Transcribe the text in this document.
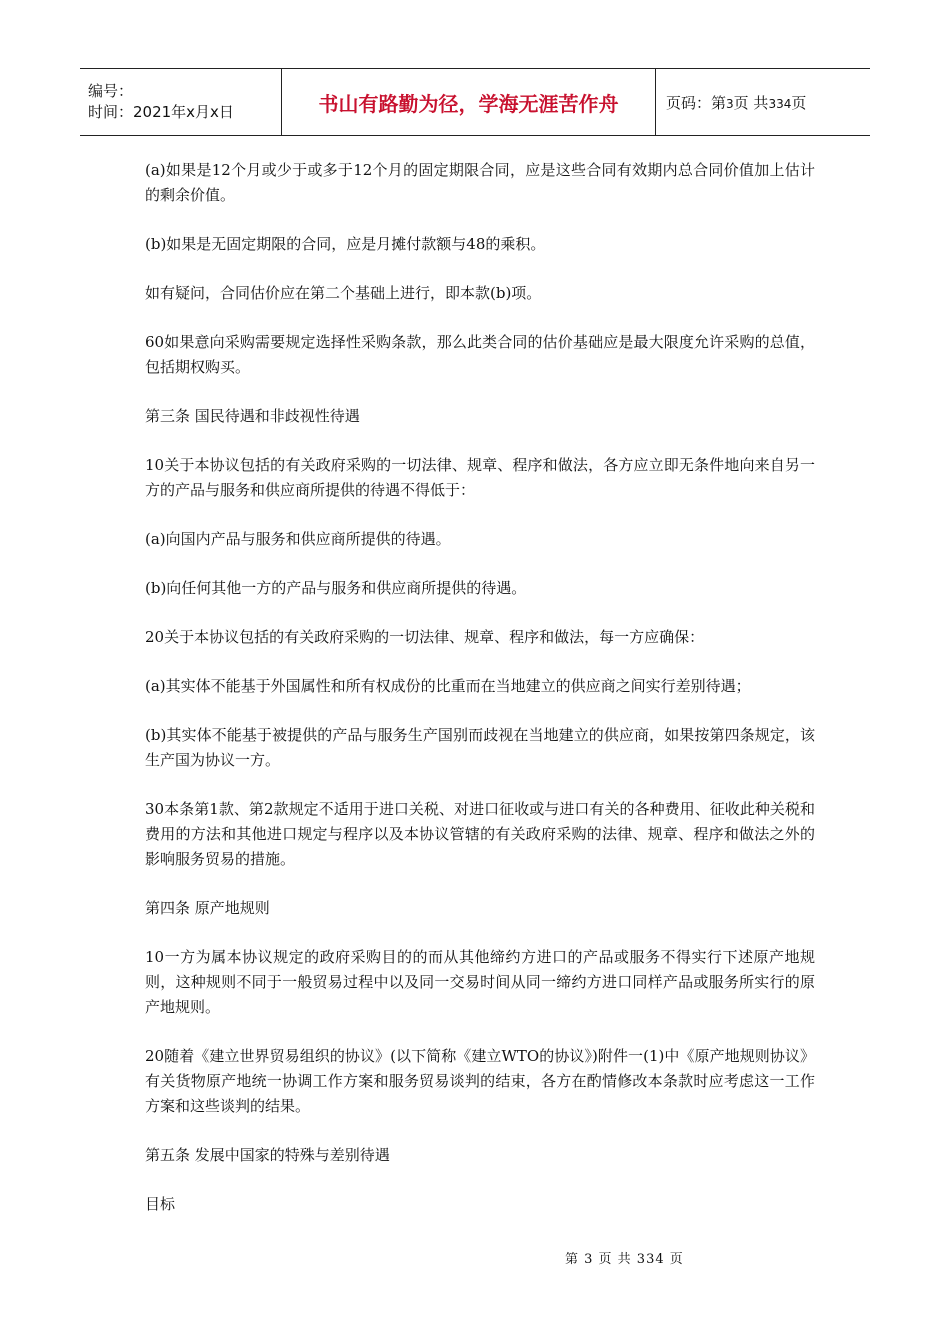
编号：
时间：2021年x月x日	书山有路勤为径，学海无涯苦作舟	页码：第3页 共334页

(a)如果是12个月或少于或多于12个月的固定期限合同，应是这些合同有效期内总合同价值加上估计的剩余价值。

(b)如果是无固定期限的合同，应是月摊付款额与48的乘积。

如有疑问，合同估价应在第二个基础上进行，即本款(b)项。

60如果意向采购需要规定选择性采购条款，那么此类合同的估价基础应是最大限度允许采购的总值，包括期权购买。

第三条 国民待遇和非歧视性待遇

10关于本协议包括的有关政府采购的一切法律、规章、程序和做法，各方应立即无条件地向来自另一方的产品与服务和供应商所提供的待遇不得低于：

(a)向国内产品与服务和供应商所提供的待遇。

(b)向任何其他一方的产品与服务和供应商所提供的待遇。

20关于本协议包括的有关政府采购的一切法律、规章、程序和做法，每一方应确保：

(a)其实体不能基于外国属性和所有权成份的比重而在当地建立的供应商之间实行差别待遇；

(b)其实体不能基于被提供的产品与服务生产国别而歧视在当地建立的供应商，如果按第四条规定，该生产国为协议一方。

30本条第1款、第2款规定不适用于进口关税、对进口征收或与进口有关的各种费用、征收此种关税和费用的方法和其他进口规定与程序以及本协议管辖的有关政府采购的法律、规章、程序和做法之外的影响服务贸易的措施。

第四条 原产地规则

10一方为属本协议规定的政府采购目的的而从其他缔约方进口的产品或服务不得实行下述原产地规则，这种规则不同于一般贸易过程中以及同一交易时间从同一缔约方进口同样产品或服务所实行的原产地规则。

20随着《建立世界贸易组织的协议》(以下简称《建立WTO的协议》)附件一(1)中《原产地规则协议》有关货物原产地统一协调工作方案和服务贸易谈判的结束，各方在酌情修改本条款时应考虑这一工作方案和这些谈判的结果。

第五条 发展中国家的特殊与差别待遇

目标

第 3 页 共 334 页
